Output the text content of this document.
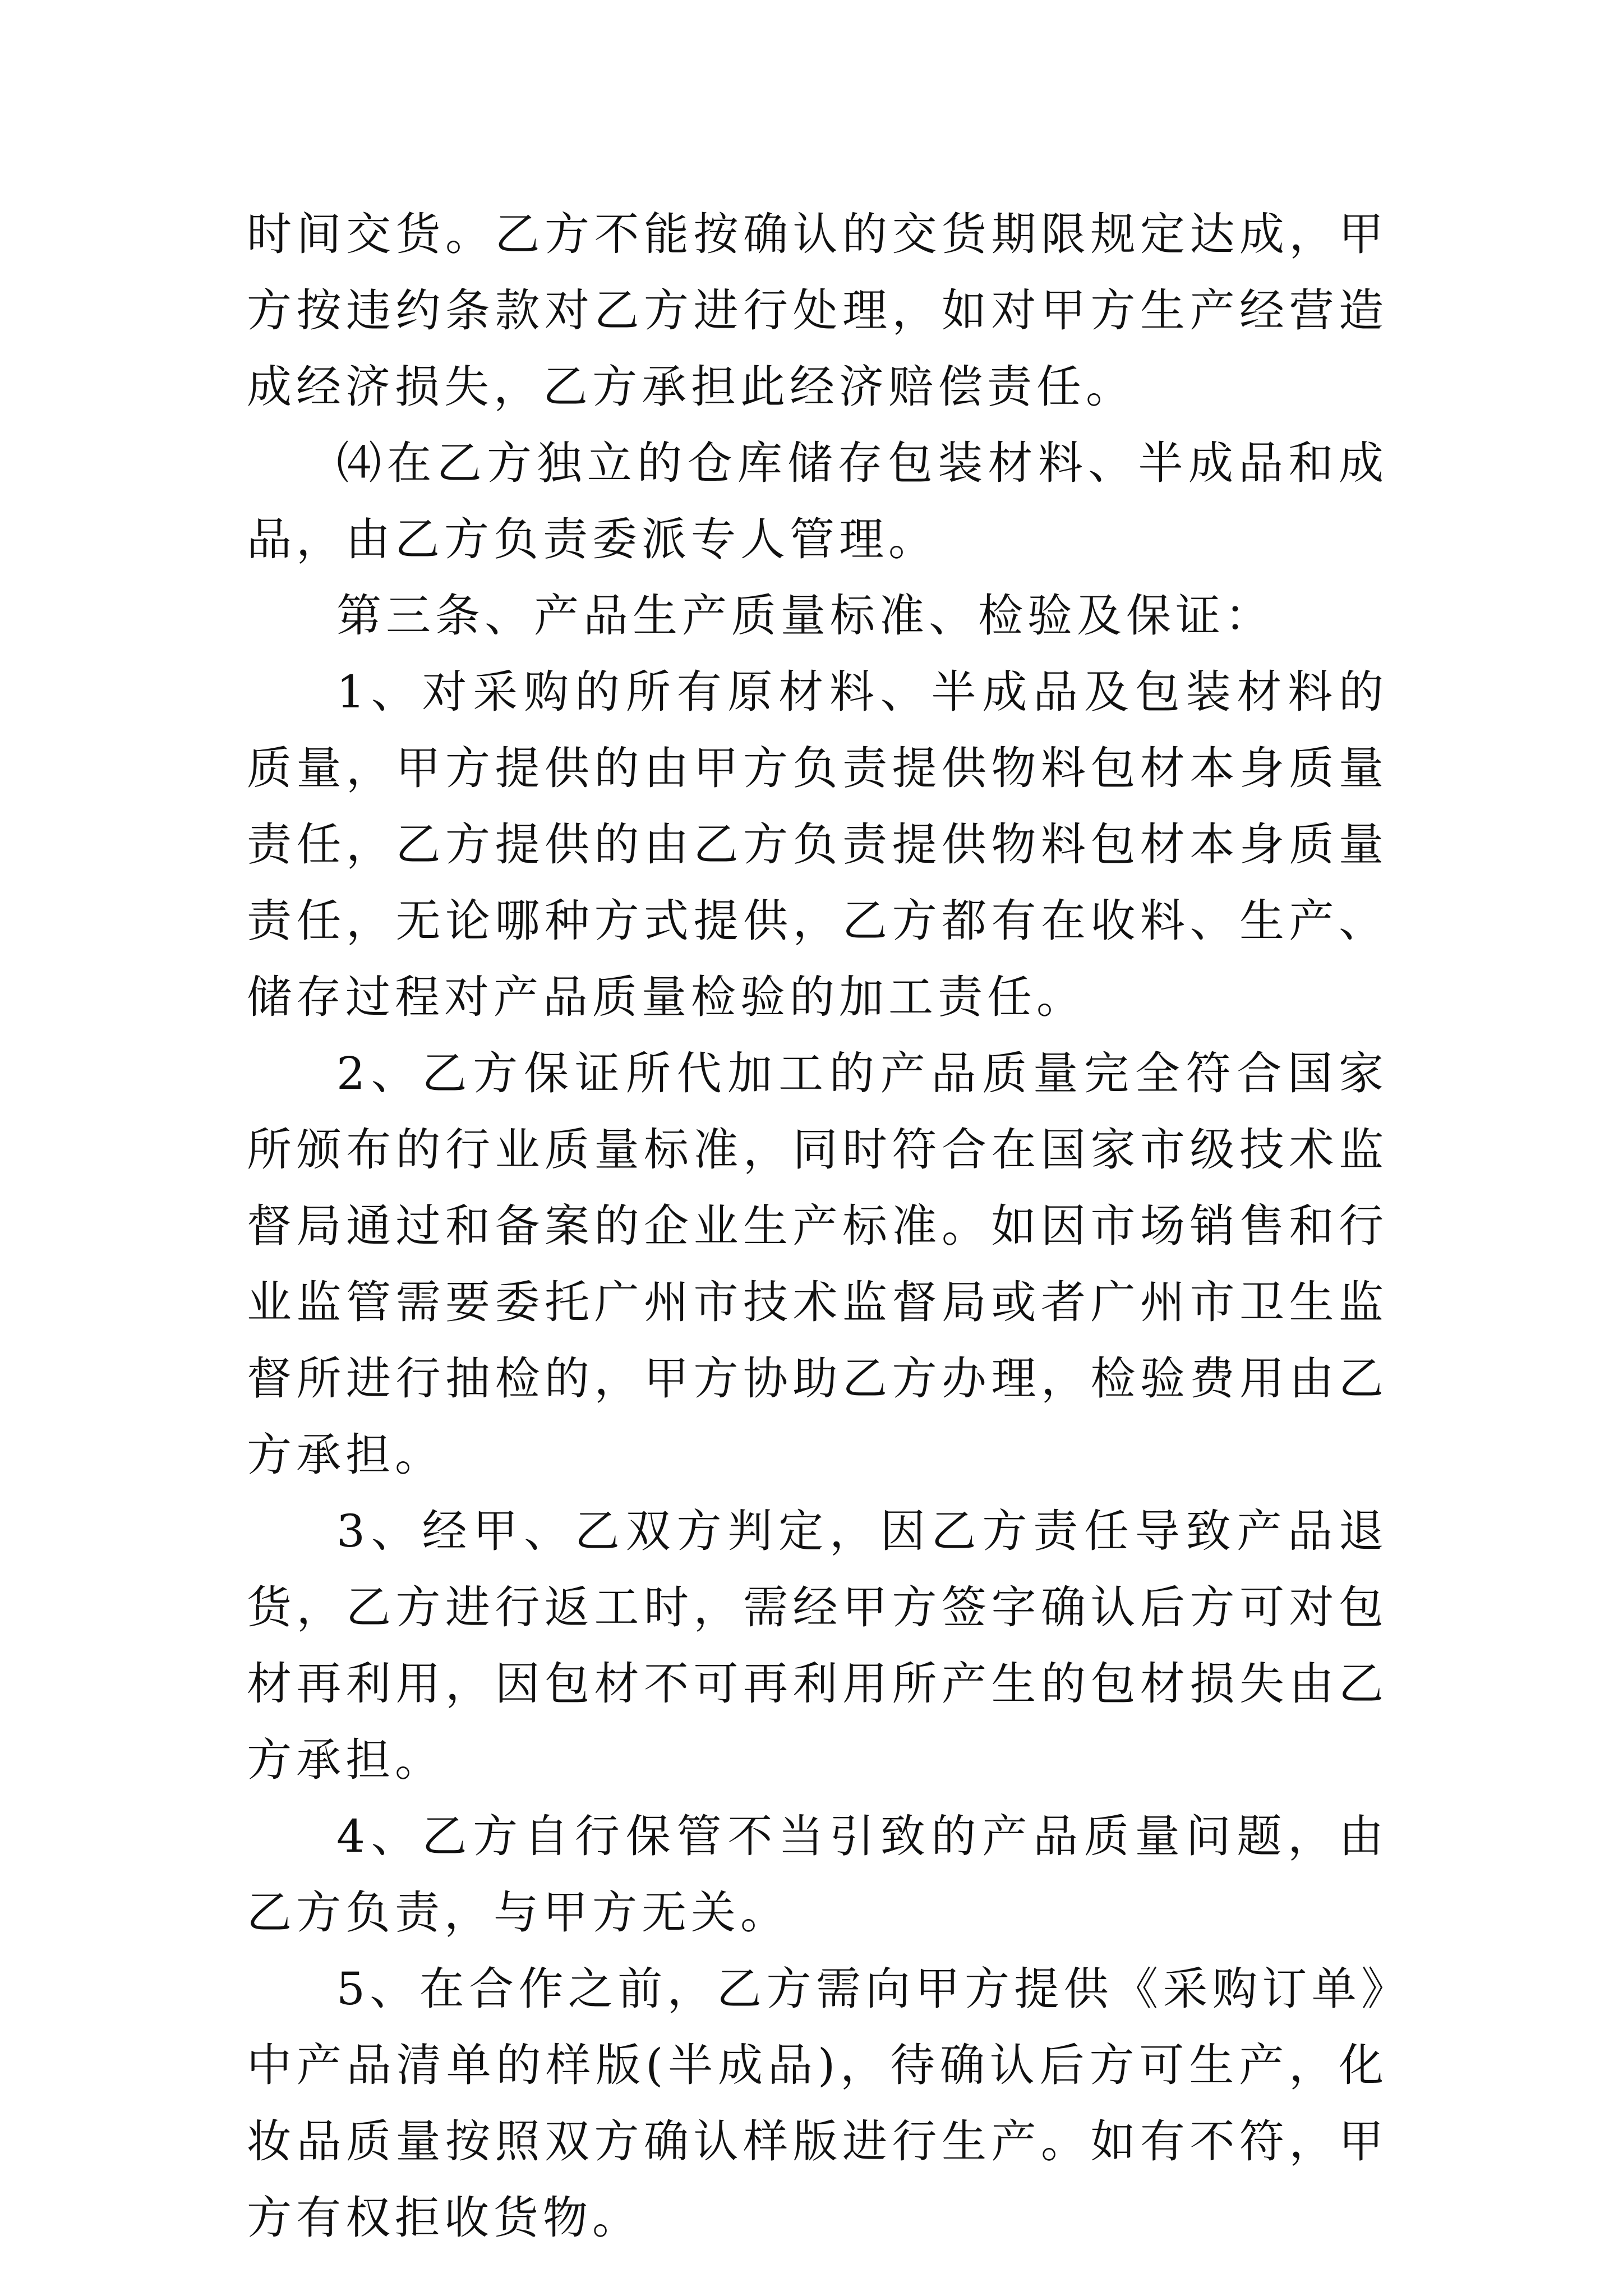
时间交货。乙方不能按确认的交货期限规定达成，甲方按违约条款对乙方进行处理，如对甲方生产经营造成经济损失，乙方承担此经济赔偿责任。

⑷在乙方独立的仓库储存包装材料、半成品和成品，由乙方负责委派专人管理。

第三条、产品生产质量标准、检验及保证：

1、对采购的所有原材料、半成品及包装材料的质量，甲方提供的由甲方负责提供物料包材本身质量责任，乙方提供的由乙方负责提供物料包材本身质量责任，无论哪种方式提供，乙方都有在收料、生产、储存过程对产品质量检验的加工责任。

2、乙方保证所代加工的产品质量完全符合国家所颁布的行业质量标准，同时符合在国家市级技术监督局通过和备案的企业生产标准。如因市场销售和行业监管需要委托广州市技术监督局或者广州市卫生监督所进行抽检的，甲方协助乙方办理，检验费用由乙方承担。

3、经甲、乙双方判定，因乙方责任导致产品退货，乙方进行返工时，需经甲方签字确认后方可对包材再利用，因包材不可再利用所产生的包材损失由乙方承担。

4、乙方自行保管不当引致的产品质量问题，由乙方负责，与甲方无关。

5、在合作之前，乙方需向甲方提供《采购订单》中产品清单的样版(半成品)，待确认后方可生产，化妆品质量按照双方确认样版进行生产。如有不符，甲方有权拒收货物。
